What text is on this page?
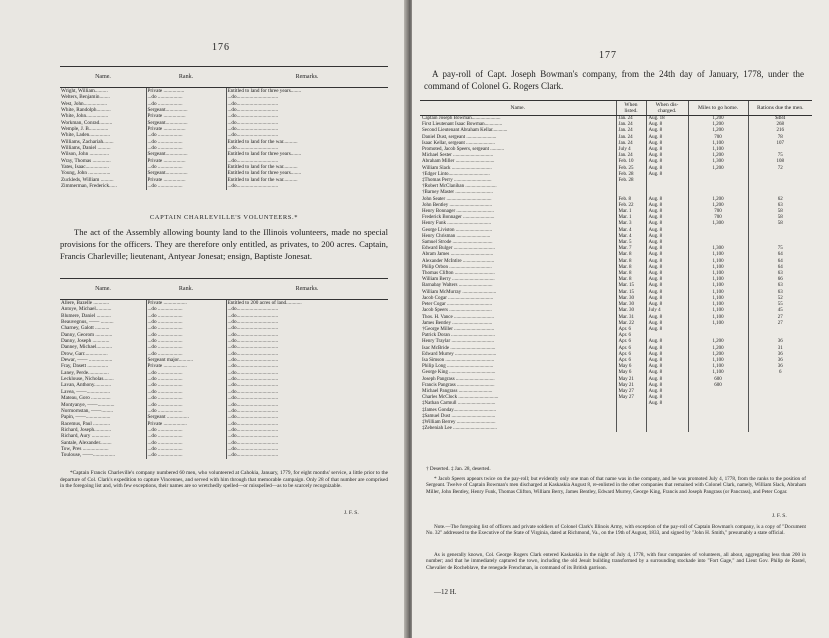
176
Name.	Rank.	Remarks.
Wright, William..........	Private ................	Entitled to land for three years........
Welters, Benjamin........	...do ...................	...do................................
West, John..................	...do ...................	...do................................
White, Randolph...........	Sergeant.................	...do................................
White, John.................	Private .................	...do................................
Workman, Conrad..........	Sergeant.................	...do................................
Wemple, J. B...............	Private .................	...do................................
White, Laden................	...do ...................	...do................................
Williams, Zachariah........	...do ...................	Entitled to land for the war...........
Williams, Daniel ..........	...do ...................	...do................................
Wilson, John ...............	Sergeant.................	Entitled to land for three years........
Wray, Thomas ..............	Private .................	...do................................
Yates, Isaac..................	...do ...................	Entitled to land for the war...........
Young, John .................	Sergeant.................	Entitled to land for three years........
Zuckleds, William ..........	Private .................	Entitled to land for the war...........
Zimmerman, Frederick......	...do ...................	...do................................
CAPTAIN CHARLEVILLE'S VOLUNTEERS.*
The act of the Assembly allowing bounty land to the Illinois volunteers, made no special provisions for the officers. They are therefore only entitled, as privates, to 200 acres. Captain, Francis Charleville; lieutenant, Antyear Jonesat; ensign, Baptiste Jonesat.
Name.	Rank.	Remarks.
Allere, Bazelle ............	Private ..................	Entitled to 200 acres of land............
Antoye, Michael............	...do ...................	...do................................
Blumere, Daniel ...........	...do ...................	...do................................
Beauvegnus, —— ..........	...do ...................	...do................................
Charney, Galott ...........	...do ...................	...do................................
Danny, Georom .............	...do ...................	...do................................
Danny, Joseph .............	...do ...................	...do................................
Danney, Michael............	...do ...................	...do................................
Drow, Garr..................	...do ...................	...do................................
Dewar, —— ..................	Sergeant major...........	...do................................
Fray, Dasett ................	Private ..................	...do................................
Laney, Perde................	...do ...................	...do................................
Lecklouse, Nicholas........	...do ...................	...do................................
Lavan, Anthony.............	...do ...................	...do................................
Lavea, ——..................	...do ...................	...do................................
Mateau, Goro ...............	...do ...................	...do................................
Montyanye, ——.............	...do ...................	...do................................
Normornstan, ——.........	...do ...................	...do................................
Papin, ——...................	Sergeant .................	...do................................
Racemus, Paul .............	Private ..................	...do................................
Richard, Joseph.............	...do ...................	...do................................
Richard, Aury ..............	...do ...................	...do................................
Santale, Alexander.........	...do ...................	...do................................
Tow, Pres ....................	...do ...................	...do................................
Toulouse, ——.................	...do ...................	...do................................
*Captain Francis Charleville's company numbered 60 men, who volunteered at Cahokia, January, 1779, for eight months' service, a little prior to the departure of Col. Clark's expedition to capture Vincennes, and served with him through that memorable campaign. Only 28 of that number are comprised in the foregoing list and, with few exceptions, their names are so wretchedly spelled—or misspelled—as to be scarcely recognizable.
J. F. S.
177
A pay-roll of Capt. Joseph Bowman's company, from the 24th day of January, 1778, under the command of Colonel G. Rogers Clark.
Name.	When listed.	When dis-charged.	Miles to go home.	Rations due the men.
Captain Joseph Bowman.......................	Jan. 24	Aug. 18	1,200	$484
First Lieutenant Isaac Bowman..............	Jan. 24	Aug. 8	1,200	268
Second Lieutenant Abraham Kellar............	Jan. 24	Aug. 8	1,200	216
Daniel Dust, sergeant ........................	Jan. 24	Aug. 8	700	78
Isaac Kellar, sergeant .......................	Jan. 24	Aug. 8	1,100	107
Promoted, Jacob Speers, sergeant ...........	July 4	Aug. 8	1,100	
Michael Sester ................................	Jan. 24	Aug. 8	1,200	75
Abraham Miller ...............................	Feb. 10	Aug. 8	1,300	108
William Slack ................................	Feb. 25	Aug. 8	1,200	72
†Edger Linto.................................	Feb. 28	Aug. 8		
‡Thomas Perry ..............................	Feb. 28			
†Robert McClanihan .........................				
†Barney Master ..............................				
John Seater ....................................	Feb. 8	Aug. 8	1,200	62
John Bentley ..................................	Feb. 22	Aug. 8	1,200	63
Henry Bonnager ..............................	Mar. 1	Aug. 8	700	58
Frederick Bonnager .........................	Mar. 1	Aug. 8	700	58
Henry Funk ...................................	Mar. 3	Aug. 8	1,300	58
George Liviston .............................	Mar. 4	Aug. 8		
Henry Chrisman ...........................	Mar. 4	Aug. 8		
Samuel Strode ................................	Mar. 5	Aug. 8		
Edward Bulger .................................	Mar. 7	Aug. 8	1,300	75
Abram James ..................................	Mar. 8	Aug. 8	1,100	64
Alexander McIntire .........................	Mar. 8	Aug. 8	1,100	64
Philip Orbon ..................................	Mar. 8	Aug. 8	1,100	64
Thomas Clifton ................................	Mar. 8	Aug. 8	1,100	63
William Berry ..................................	Mar. 8	Aug. 8	1,100	66
Barnabay Walters ...........................	Mar. 15	Aug. 8	1,100	63
William McMurray ...........................	Mar. 15	Aug. 8	1,100	63
Jacob Cogar ....................................	Mar. 30	Aug. 8	1,100	52
Peter Cogar ....................................	Mar. 30	Aug. 8	1,100	55
Jacob Speers ..................................	Mar. 30	July 4	1,100	45
Thos. H. Vance ................................	Mar. 31	Aug. 8	1,100	27
James Bentley ................................	Mar. 22	Aug. 8	1,100	27
†George Miller ................................	Apr. 6	Aug. 8		
Patrick Doran ...................................	Apr. 6			
Henry Traylar ..................................	Apr. 6	Aug. 8	1,200	36
Isac McBride ....................................	Apr. 6	Aug. 8	1,200	31
Edward Murrey .................................	Apr. 6	Aug. 8	1,200	36
Isa Simson .......................................	Apr. 6	Aug. 8	1,100	36
Philip Long .....................................	May 6	Aug. 8	1,100	36
George King .....................................	May 6	Aug. 8	1,100	6
Joseph Pangrass ...............................	May 21	Aug. 8	600	
Francis Pangrass ..............................	May 21	Aug. 8	600	
Michael Pangrass ...........................	May 27	Aug. 8		
Charles McClock ................................	May 27	Aug. 8		
‡Nathan Carmull ..............................		Aug. 8		
‡James Gonday..................................				
‡Samuel Dust ...................................				
‡William Berrey ...............................				
‡Zebeniah Lee ...................................				
† Deserted. ‡ Jan. 28, deserted.
* Jacob Speers appears twice on the pay-roll; but evidently only one man of that name was in the company, and he was promoted July 4, 1778, from the ranks to the position of Sergeant. Twelve of Captain Bowman's men discharged at Kaskaskia August 8, re-enlisted in the other companies that remained with Colonel Clark, namely, William Slack, Abraham Miller, John Bentley, Henry Funk, Thomas Clifton, William Berry, James Bentley, Edward Murrey, George King, Francis and Joseph Pangrass (or Pancrass), and Peter Cogar.
J. F. S.
Note.—The foregoing list of officers and private soldiers of Colonel Clark's Illinois Army, with exception of the pay-roll of Captain Bowman's company, is a copy of "Document No. 32" addressed to the Executive of the State of Virginia, dated at Richmond, Va., on the 19th of August, 1833, and signed by "John H. Smith," presumably a state official.
As is generally known, Col. George Rogers Clark entered Kaskaskia in the night of July 4, 1778, with four companies of volunteers, all about, aggregating less than 200 in number; and that he immediately captured the town, including the old Jesuit building transformed by a surrounding stockade into "Fort Gage," and Lieut Gov. Philip de Rastel, Chevalier de Rocheblave, the renegade Frenchman, in command of its British garrison.
—12 H.
